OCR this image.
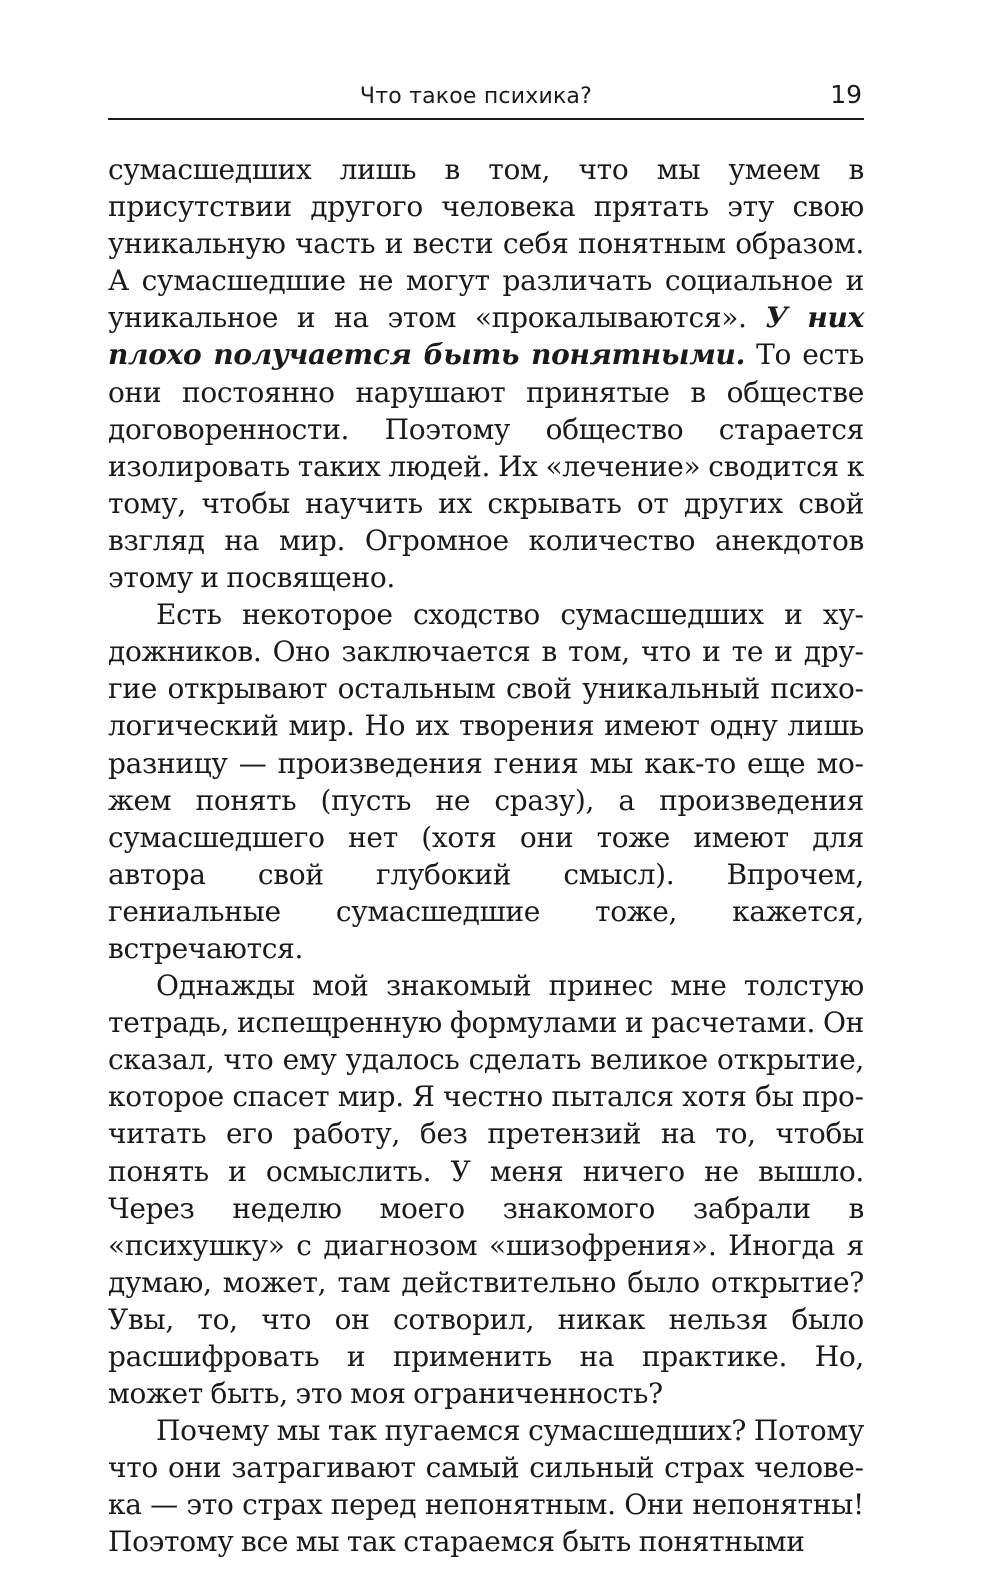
Что такое психика?	19

сумасшедших лишь в том, что мы умеем в присутствии другого человека прятать эту свою уникальную часть и вести себя понятным образом. А сумасшедшие не могут различать социальное и уникальное и на этом «прокалываются». У них плохо получается быть понятными. То есть они постоянно нарушают принятые в обществе договоренности. Поэтому общество старается изолировать таких людей. Их «лечение» сводится к тому, чтобы научить их скрывать от других свой взгляд на мир. Огромное количество анекдотов этому и посвящено.

Есть некоторое сходство сумасшедших и художников. Оно заключается в том, что и те и другие открывают остальным свой уникальный психологический мир. Но их творения имеют одну лишь разницу — произведения гения мы как-то еще можем понять (пусть не сразу), а произведения сумасшедшего нет (хотя они тоже имеют для автора свой глубокий смысл). Впрочем, гениальные сумасшедшие тоже, кажется, встречаются.

Однажды мой знакомый принес мне толстую тетрадь, испещренную формулами и расчетами. Он сказал, что ему удалось сделать великое открытие, которое спасет мир. Я честно пытался хотя бы прочитать его работу, без претензий на то, чтобы понять и осмыслить. У меня ничего не вышло. Через неделю моего знакомого забрали в «психушку» с диагнозом «шизофрения». Иногда я думаю, может, там действительно было открытие? Увы, то, что он сотворил, никак нельзя было расшифровать и применить на практике. Но, может быть, это моя ограниченность?

Почему мы так пугаемся сумасшедших? Потому что они затрагивают самый сильный страх человека — это страх перед непонятным. Они непонятны! Поэтому все мы так стараемся быть понятными
